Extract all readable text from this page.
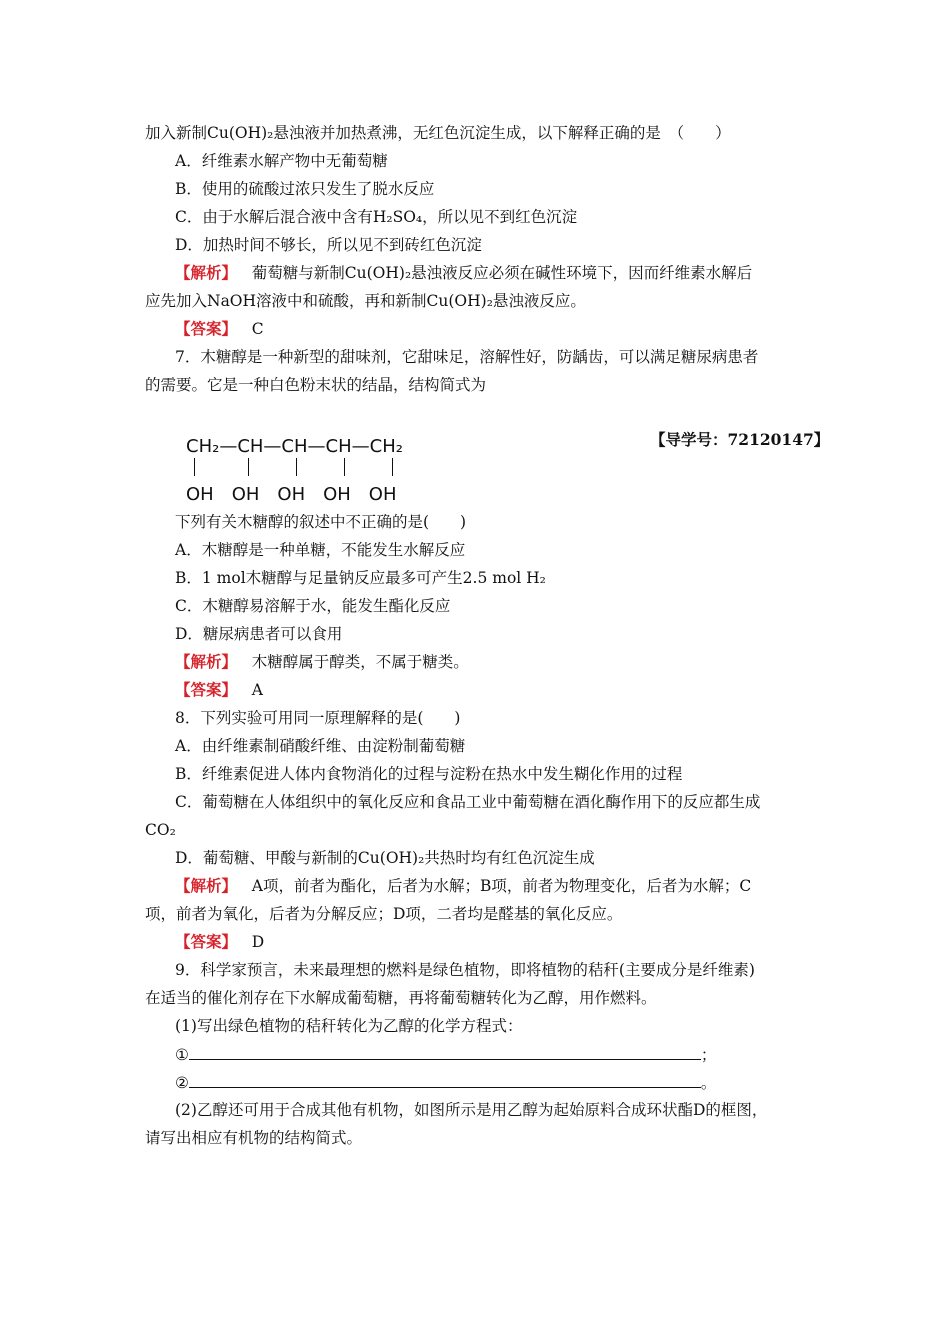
加入新制Cu(OH)₂悬浊液并加热煮沸，无红色沉淀生成，以下解释正确的是　（　　）
A．纤维素水解产物中无葡萄糖
B．使用的硫酸过浓只发生了脱水反应
C．由于水解后混合液中含有H₂SO₄，所以见不到红色沉淀
D．加热时间不够长，所以见不到砖红色沉淀
【解析】 葡萄糖与新制Cu(OH)₂悬浊液反应必须在碱性环境下，因而纤维素水解后
应先加入NaOH溶液中和硫酸，再和新制Cu(OH)₂悬浊液反应。
【答案】 C
7．木糖醇是一种新型的甜味剂，它甜味足，溶解性好，防龋齿，可以满足糖尿病患者
的需要。它是一种白色粉末状的结晶，结构简式为
【导学号：72120147】
CH₂—CH—CH—CH—CH₂
OH　OH　OH　OH　OH
下列有关木糖醇的叙述中不正确的是(　　)
A．木糖醇是一种单糖，不能发生水解反应
B．1 mol木糖醇与足量钠反应最多可产生2.5 mol H₂
C．木糖醇易溶解于水，能发生酯化反应
D．糖尿病患者可以食用
【解析】 木糖醇属于醇类，不属于糖类。
【答案】 A
8．下列实验可用同一原理解释的是(　　)
A．由纤维素制硝酸纤维、由淀粉制葡萄糖
B．纤维素促进人体内食物消化的过程与淀粉在热水中发生糊化作用的过程
C．葡萄糖在人体组织中的氧化反应和食品工业中葡萄糖在酒化酶作用下的反应都生成
CO₂
D．葡萄糖、甲酸与新制的Cu(OH)₂共热时均有红色沉淀生成
【解析】 A项，前者为酯化，后者为水解；B项，前者为物理变化，后者为水解；C
项，前者为氧化，后者为分解反应；D项，二者均是醛基的氧化反应。
【答案】 D
9．科学家预言，未来最理想的燃料是绿色植物，即将植物的秸秆(主要成分是纤维素)
在适当的催化剂存在下水解成葡萄糖，再将葡萄糖转化为乙醇，用作燃料。
(1)写出绿色植物的秸秆转化为乙醇的化学方程式：
①	；
②	。
(2)乙醇还可用于合成其他有机物，如图所示是用乙醇为起始原料合成环状酯D的框图，
请写出相应有机物的结构简式。
